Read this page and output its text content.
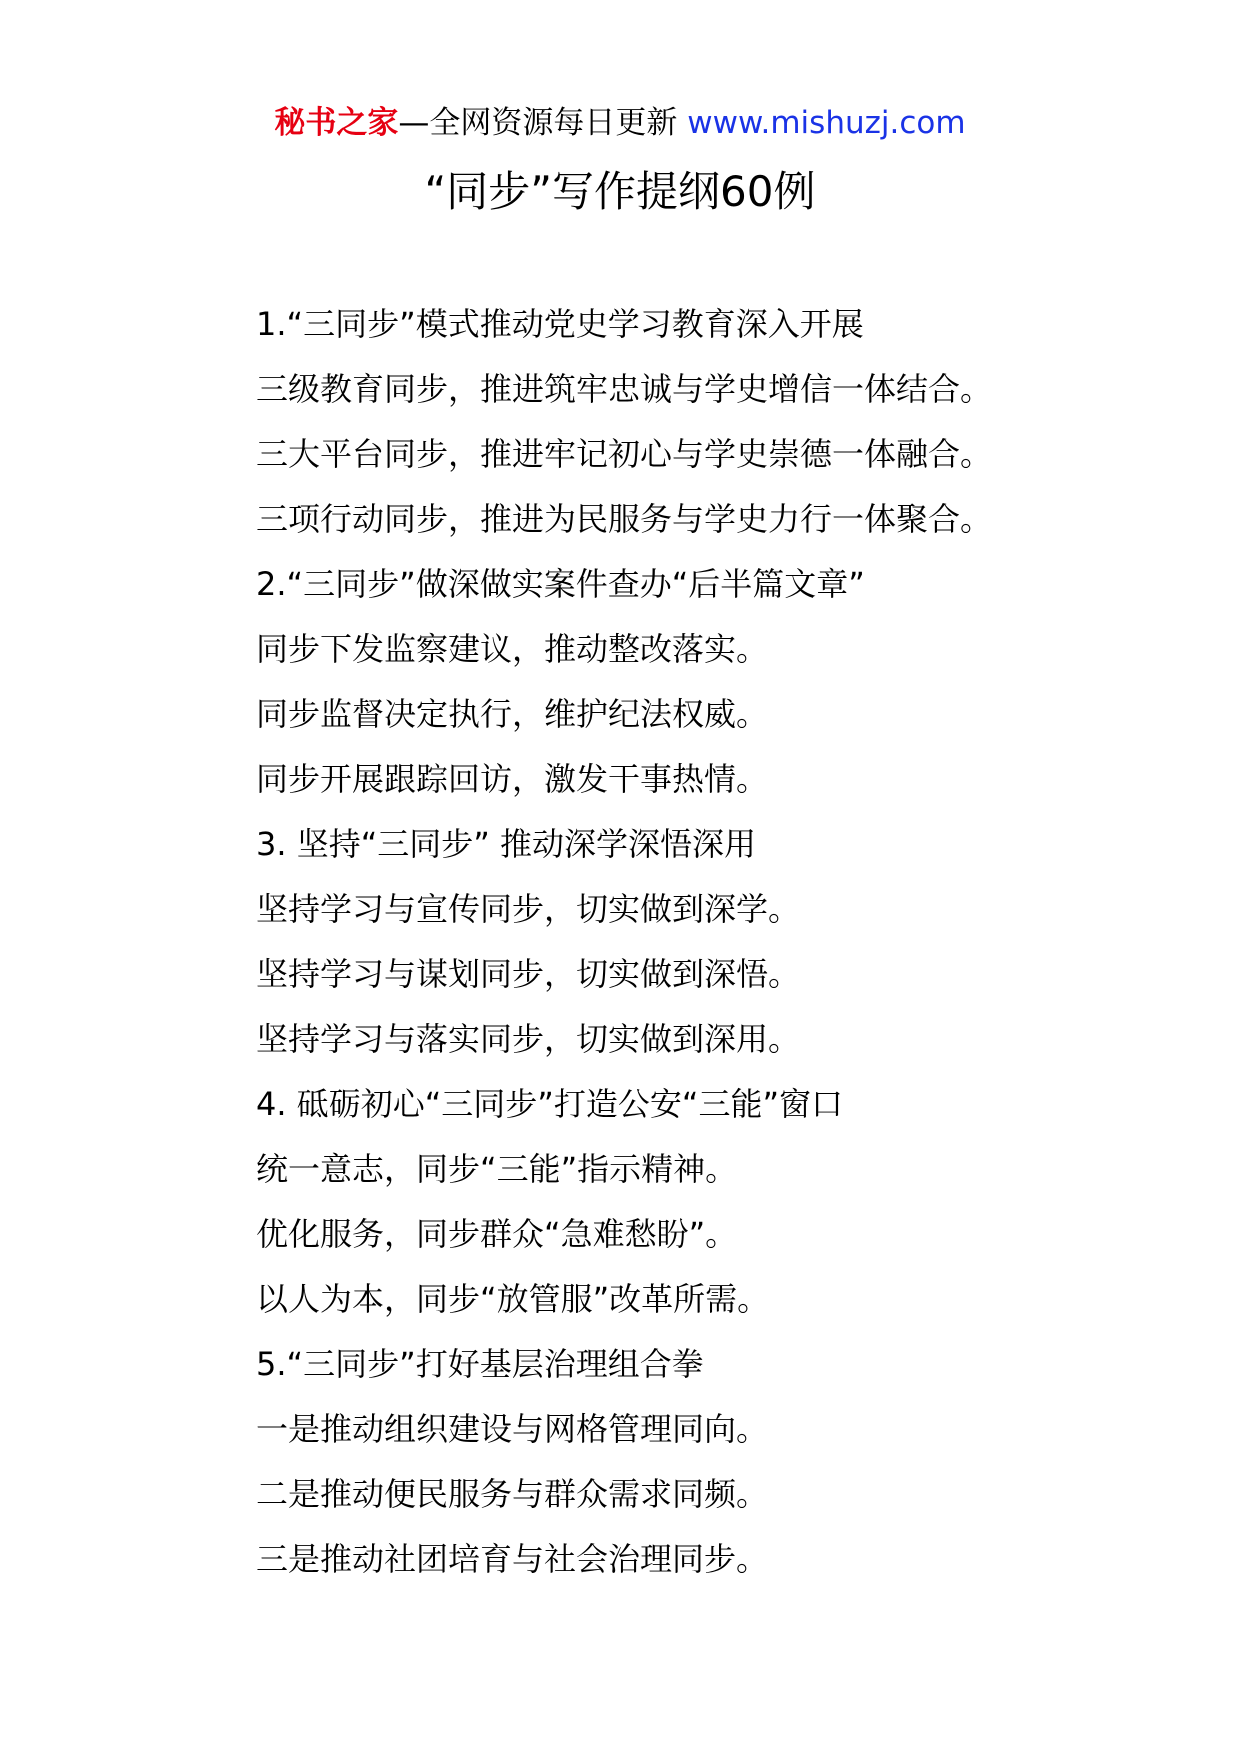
秘书之家—全网资源每日更新 www.mishuzj.com
“同步”写作提纲60例
1.“三同步”模式推动党史学习教育深入开展
三级教育同步，推进筑牢忠诚与学史增信一体结合。
三大平台同步，推进牢记初心与学史崇德一体融合。
三项行动同步，推进为民服务与学史力行一体聚合。
2.“三同步”做深做实案件查办“后半篇文章”
同步下发监察建议，推动整改落实。
同步监督决定执行，维护纪法权威。
同步开展跟踪回访，激发干事热情。
3. 坚持“三同步” 推动深学深悟深用
坚持学习与宣传同步，切实做到深学。
坚持学习与谋划同步，切实做到深悟。
坚持学习与落实同步，切实做到深用。
4. 砥砺初心“三同步”打造公安“三能”窗口
统一意志，同步“三能”指示精神。
优化服务，同步群众“急难愁盼”。
以人为本，同步“放管服”改革所需。
5.“三同步”打好基层治理组合拳
一是推动组织建设与网格管理同向。
二是推动便民服务与群众需求同频。
三是推动社团培育与社会治理同步。
